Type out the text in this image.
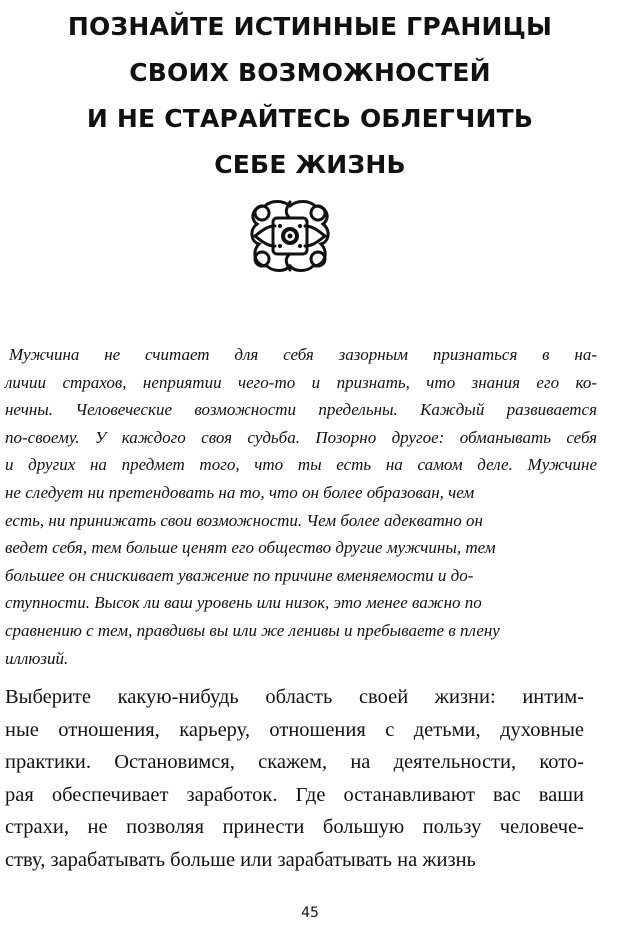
ПОЗНАЙТЕ ИСТИННЫЕ ГРАНИЦЫ
СВОИХ ВОЗМОЖНОСТЕЙ
И НЕ СТАРАЙТЕСЬ ОБЛЕГЧИТЬ
СЕБЕ ЖИЗНЬ
Мужчина не считает для себя зазорным признаться в на-
личии страхов, неприятии чего-то и признать, что знания его ко-
нечны. Человеческие возможности предельны. Каждый развивается
по-своему. У каждого своя судьба. Позорно другое: обманывать себя
и других на предмет того, что ты есть на самом деле. Мужчине
не следует ни претендовать на то, что он более образован, чем
есть, ни принижать свои возможности. Чем более адекватно он
ведет себя, тем больше ценят его общество другие мужчины, тем
большее он снискивает уважение по причине вменяемости и до-
ступности. Высок ли ваш уровень или низок, это менее важно по
сравнению с тем, правдивы вы или же ленивы и пребываете в плену
иллюзий.
Выберите какую-нибудь область своей жизни: интим-
ные отношения, карьеру, отношения с детьми, духовные
практики. Остановимся, скажем, на деятельности, кото-
рая обеспечивает заработок. Где останавливают вас ваши
страхи, не позволяя принести большую пользу человече-
ству, зарабатывать больше или зарабатывать на жизнь
45
